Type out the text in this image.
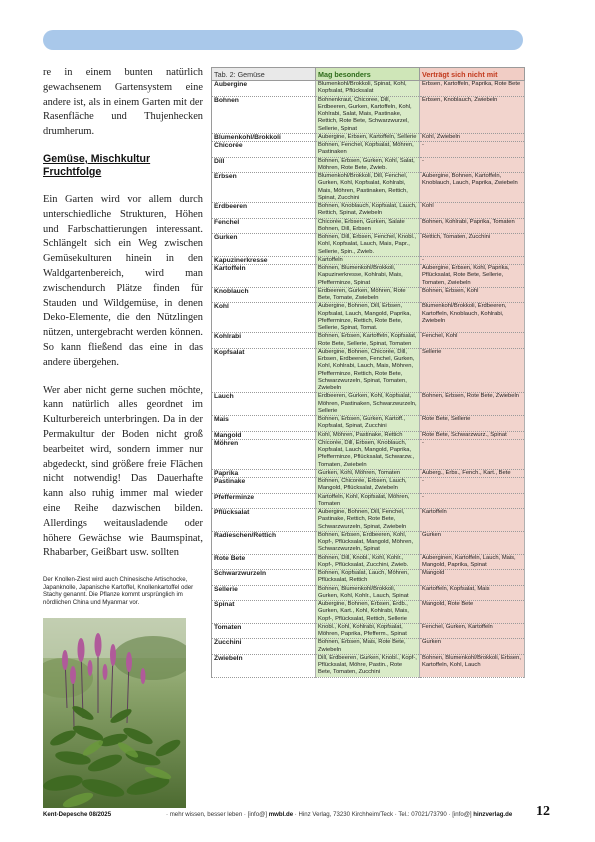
re in einem bunten natürlich gewachsenem Gartensystem eine andere ist, als in einem Garten mit der Rasenfläche und Thujenhecken drumherum.

Gemüse, Mischkultur Fruchtfolge

Ein Garten wird vor allem durch unterschiedliche Strukturen, Höhen und Farbschattierungen interessant. Schlängelt sich ein Weg zwischen Gemüsekulturen hinein in den Waldgartenbereich, wird man zwischendurch Plätze finden für Stauden und Wildgemüse, in denen Deko-Elemente, die den Nützlingen nützen, untergebracht werden können. So kann fließend das eine in das andere übergehen.

Wer aber nicht gerne suchen möchte, kann natürlich alles geordnet im Kulturbereich unterbringen. Da in der Permakultur der Boden nicht groß bearbeitet wird, sondern immer nur abgedeckt, sind größere freie Flächen nicht notwendig! Das Dauerhafte kann also ruhig immer mal wieder eine Reihe dazwischen bilden. Allerdings weitausladende oder höhere Gewächse wie Baumspinat, Rhabarber, Geißbart usw. sollten

Der Knollen-Ziest wird auch Chinesische Artischocke, Japanknolle, Japanische Kartoffel, Knollenkartoffel oder Stachy genannt. Die Pflanze kommt ursprünglich im nördlichen China und Myanmar vor.
Tab. 2: Gemüse	Mag besonders	Verträgt sich nicht mit
Aubergine	Blumenkohl/Brokkoli, Spinat, Kohl, Kopfsalat, Pflücksalat	Erbsen, Kartoffeln, Paprika, Rote Bete
Bohnen	Bohnenkraut, Chicoree, Dill, Erdbeeren, Gurken, Kartoffeln, Kohl, Kohlrabi, Salat, Mais, Pastinake, Rettich, Rote Bete, Schwarzwurzel, Sellerie, Spinat	Erbsen, Knoblauch, Zwiebeln
Blumenkohl/Brokkoli	Aubergine, Erbsen, Kartoffeln, Sellerie	Kohl, Zwiebeln
Chicorée	Bohnen, Fenchel, Kopfsalat, Möhren, Pastinaken	-
Dill	Bohnen, Erbsen, Gurken, Kohl, Salat, Möhren, Rote Bete, Zwieb.	-
Erbsen	Blumenkohl/Brokkoli, Dill, Fenchel, Gurken, Kohl, Kopfsalat, Kohlrabi, Mais, Möhren, Pastinaken, Rettich, Spinat, Zucchini	Aubergine, Bohnen, Kartoffeln, Knoblauch, Lauch, Paprika, Zwiebeln
Erdbeeren	Bohnen, Knoblauch, Kopfsalat, Lauch, Rettich, Spinat, Zwiebeln	Kohl
Fenchel	Chicorée, Erbsen, Gurken, Salate Bohnen, Dill, Erbsen	Bohnen, Kohlrabi, Paprika, Tomaten
Gurken	Bohnen, Dill, Erbsen, Fenchel, Knobl., Kohl, Kopfsalat, Lauch, Mais, Papr., Sellerie, Spin., Zwieb.	Rettich, Tomaten, Zucchini
Kapuzinerkresse	Kartoffeln	-
Kartoffeln	Bohnen, Blumenkohl/Brokkoli, Kapuzinerkresse, Kohlrabi, Mais, Pfefferminze, Spinat	Aubergine, Erbsen, Kohl, Paprika, Pflücksalat, Rote Bete, Sellerie, Tomaten, Zwiebeln
Knoblauch	Erdbeeren, Gurken, Möhren, Rote Bete, Tomate, Zwiebeln	Bohnen, Erbsen, Kohl
Kohl	Aubergine, Bohnen, Dill, Erbsen, Kopfsalat, Lauch, Mangold, Paprika, Pfefferminze, Rettich, Rote Bete, Sellerie, Spinat, Tomat.	Blumenkohl/Brokkoli, Erdbeeren, Kartoffeln, Knoblauch, Kohlrabi, Zwiebeln
Kohlrabi	Bohnen, Erbsen, Kartoffeln, Kopfsalat, Rote Bete, Sellerie, Spinat, Tomaten	Fenchel, Kohl
Kopfsalat	Aubergine, Bohnen, Chicorée, Dill, Erbsen, Erdbeeren, Fenchel, Gurken, Kohl, Kohlrabi, Lauch, Mais, Möhren, Pfefferminze, Rettich, Rote Bete, Schwarzwurzeln, Spinat, Tomaten, Zwiebeln	Sellerie
Lauch	Erdbeeren, Gurken, Kohl, Kopfsalat, Möhren, Pastinaken, Schwarzwurzeln, Sellerie	Bohnen, Erbsen, Rote Bete, Zwiebeln
Mais	Bohnen, Erbsen, Gurken, Kartoff., Kopfsalat, Spinat, Zucchini	Rote Bete, Sellerie
Mangold	Kohl, Möhren, Pastinake, Rettich	Rote Bete, Schwarzwurz., Spinat
Möhren	Chicorée, Dill, Erbsen, Knoblauch, Kopfsalat, Lauch, Mangold, Paprika, Pfefferminze, Pflücksalat, Schwarzw., Tomaten, Zwiebeln	-
Paprika	Gurken, Kohl, Möhren, Tomaten	Auberg., Erbs., Fench., Kart., Bete
Pastinake	Bohnen, Chicorée, Erbsen, Lauch, Mangold, Pflücksalat, Zwiebeln	-
Pfefferminze	Kartoffeln, Kohl, Kopfsalat, Möhren, Tomaten	-
Pflücksalat	Aubergine, Bohnen, Dill, Fenchel, Pastinake, Rettich, Rote Bete, Schwarzwurzeln, Spinat, Zwiebeln	Kartoffeln
Radieschen/Rettich	Bohnen, Erbsen, Erdbeeren, Kohl, Kopf-, Pflücksalat, Mangold, Möhren, Schwarzwurzeln, Spinat	Gurken
Rote Bete	Bohnen, Dill, Knobl., Kohl, Kohlr., Kopf-, Pflücksalat, Zucchini, Zwieb.	Auberginen, Kartoffeln, Lauch, Mais, Mangold, Paprika, Spinat
Schwarzwurzeln	Bohnen, Kopfsalat, Lauch, Möhren, Pflücksalat, Rettich	Mangold
Sellerie	Bohnen, Blumenkohl/Brokkoli, Gurken, Kohl, Kohlr., Lauch, Spinat	Kartoffeln, Kopfsalat, Mais
Spinat	Aubergine, Bohnen, Erbsen, Erdb., Gurken, Kart., Kohl, Kohlrabi, Mais, Kopf-, Pflücksalat, Rettich, Sellerie	Mangold, Rote Bete
Tomaten	Knobl., Kohl, Kohlrabi, Kopfsalat, Möhren, Paprika, Pfefferm., Spinat	Fenchel, Gurken, Kartoffeln
Zucchini	Bohnen, Erbsen, Mais, Rote Bete, Zwiebeln	Gurken
Zwiebeln	Dill, Erdbeeren, Gurken, Knobl., Kopf-, Pflücksalat, Möhre, Pastin., Rote Bete, Tomaten, Zucchini	Bohnen, Blumenkohl/Brokkoli, Erbsen, Kartoffeln, Kohl, Lauch
Kent-Depesche 08/2025	· mehr wissen, besser leben · [info@] mwbl.de · Hinz Verlag, 73230 Kirchheim/Teck · Tel.: 07021/73790 · [info@] hinzverlag.de 12
